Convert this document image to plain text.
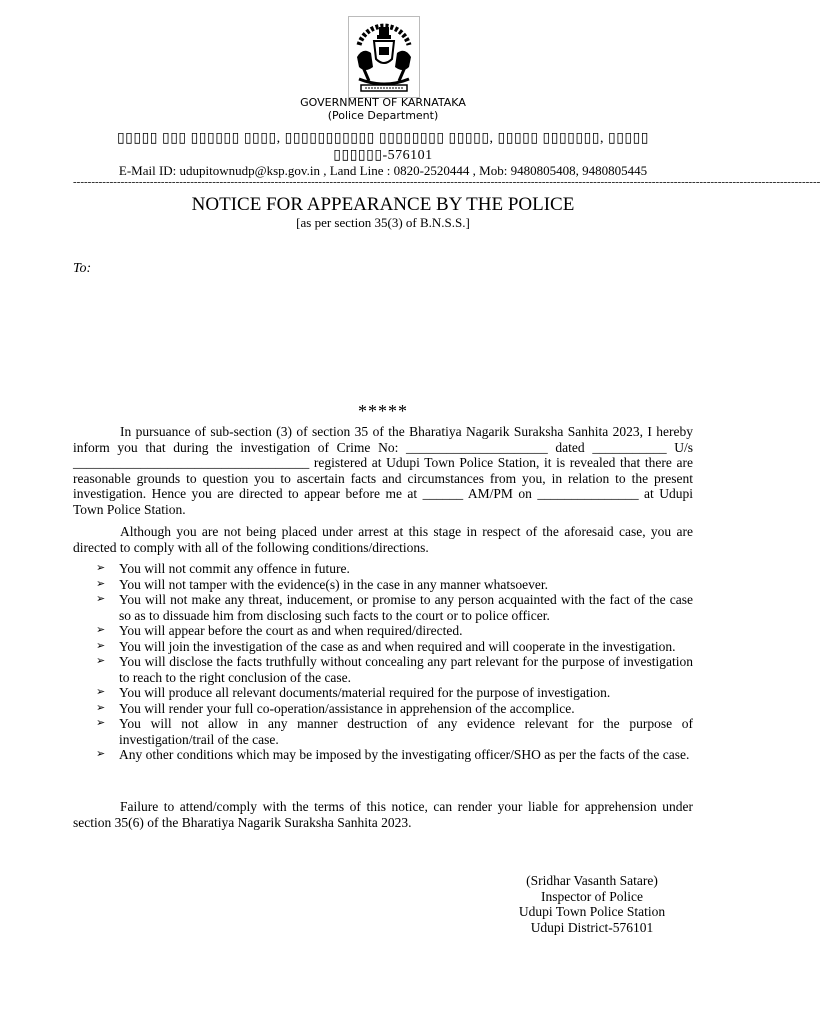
GOVERNMENT OF KARNATAKA
(Police Department)
▯▯▯▯▯ ▯▯▯ ▯▯▯▯▯▯ ▯▯▯▯, ▯▯▯▯▯▯▯▯▯▯▯ ▯▯▯▯▯▯▯▯ ▯▯▯▯▯, ▯▯▯▯▯ ▯▯▯▯▯▯▯, ▯▯▯▯▯ ▯▯▯▯▯▯-576101
E-Mail ID: udupitownudp@ksp.gov.in , Land Line : 0820-2520444 , Mob: 9480805408, 9480805445
------------------------------------------------------------------------------------------------------------------------------------------------------------------------------------------------------------
NOTICE FOR APPEARANCE BY THE POLICE
[as per section 35(3) of B.N.S.S.]
To:
*****
In pursuance of sub-section (3) of section 35 of the Bharatiya Nagarik Suraksha Sanhita 2023, I hereby inform you that during the investigation of Crime No: _____________________ dated ___________ U/s ___________________________________ registered at Udupi Town Police Station, it is revealed that there are reasonable grounds to question you to ascertain facts and circumstances from you, in relation to the present investigation. Hence you are directed to appear before me at ______ AM/PM on _______________ at Udupi Town Police Station.
Although you are not being placed under arrest at this stage in respect of the aforesaid case, you are directed to comply with all of the following conditions/directions.
➢ You will not commit any offence in future.
➢ You will not tamper with the evidence(s) in the case in any manner whatsoever.
➢ You will not make any threat, inducement, or promise to any person acquainted with the fact of the case so as to dissuade him from disclosing such facts to the court or to police officer.
➢ You will appear before the court as and when required/directed.
➢ You will join the investigation of the case as and when required and will cooperate in the investigation.
➢ You will disclose the facts truthfully without concealing any part relevant for the purpose of investigation to reach to the right conclusion of the case.
➢ You will produce all relevant documents/material required for the purpose of investigation.
➢ You will render your full co-operation/assistance in apprehension of the accomplice.
➢ You will not allow in any manner destruction of any evidence relevant for the purpose of investigation/trail of the case.
➢ Any other conditions which may be imposed by the investigating officer/SHO as per the facts of the case.
Failure to attend/comply with the terms of this notice, can render your liable for apprehension under section 35(6) of the Bharatiya Nagarik Suraksha Sanhita 2023.
(Sridhar Vasanth Satare)
Inspector of Police
Udupi Town Police Station
Udupi District-576101
